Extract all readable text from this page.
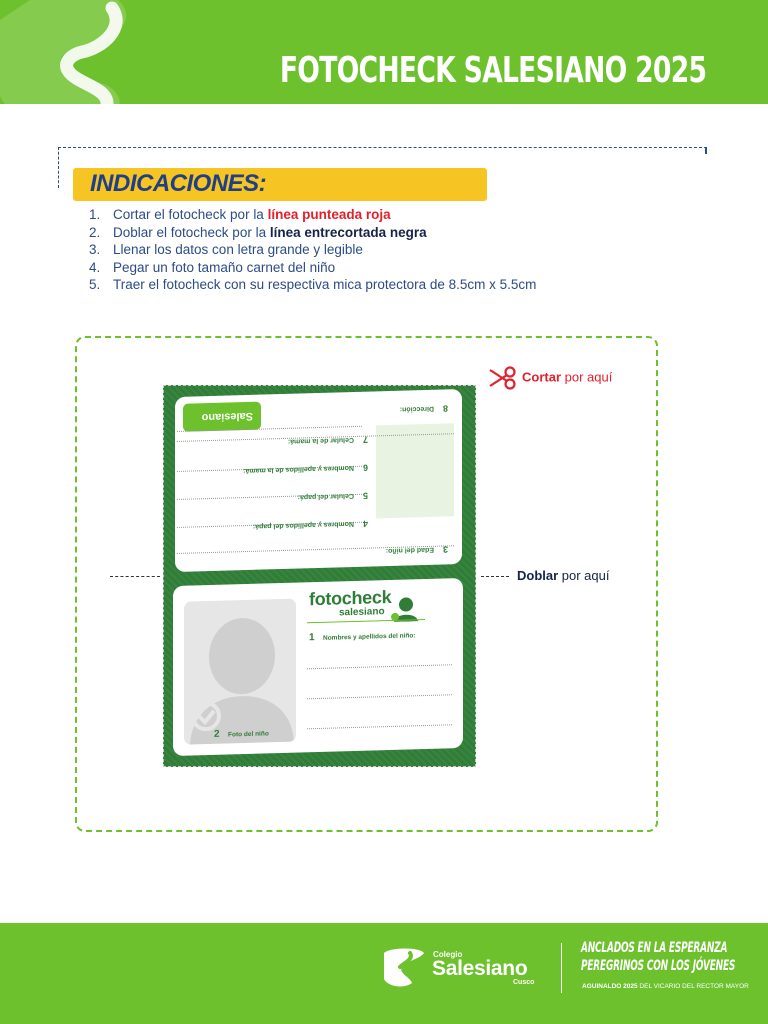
FOTOCHECK SALESIANO 2025
INDICACIONES:
1. Cortar el fotocheck por la línea punteada roja
2. Doblar el fotocheck por la línea entrecortada negra
3. Llenar los datos con letra grande y legible
4. Pegar un foto tamaño carnet del niño
5. Traer el fotocheck con su respectiva mica protectora de 8.5cm x 5.5cm
Cortar por aquí
Doblar por aquí
Salesiano
8
Dirección:
7
Celular de la mamá:
6
Nombres y apellidos de la mamá:
5
Celular del papá:
4
Nombres y apellidos del papá:
3
Edad del niño:
2 Foto del niño
fotocheck
salesiano
1 Nombres y apellidos del niño:
Colegio
Salesiano
Cusco
ANCLADOS EN LA ESPERANZA
PEREGRINOS CON LOS JÓVENES
AGUINALDO 2025 DEL VICARIO DEL RECTOR MAYOR
